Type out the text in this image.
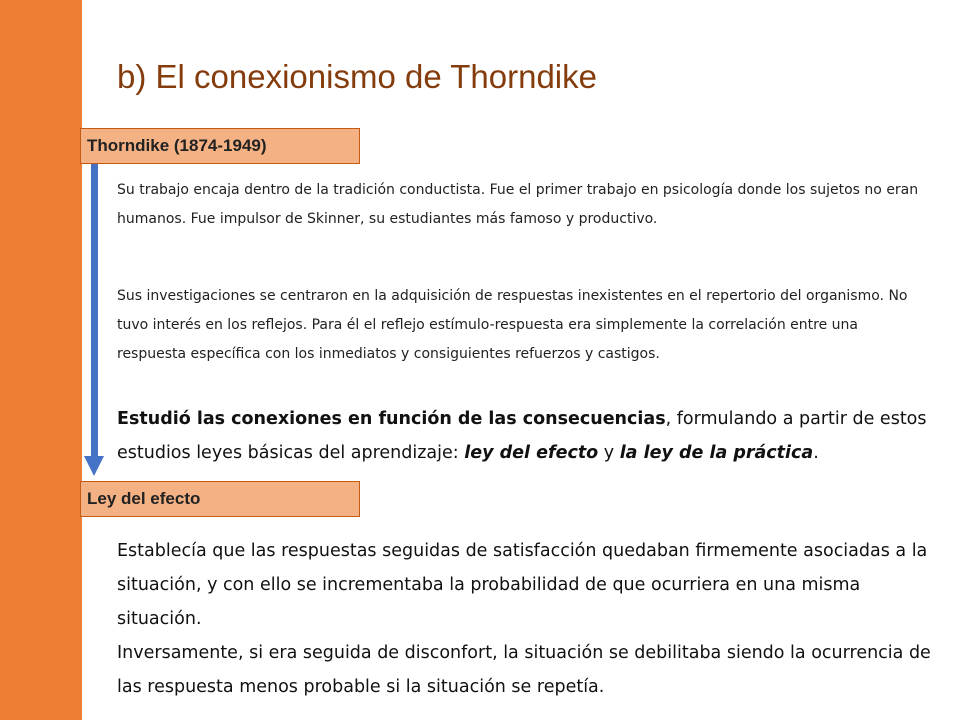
b) El conexionismo de Thorndike
Thorndike (1874-1949)
Su trabajo encaja dentro de la tradición conductista. Fue el primer trabajo en psicología donde los sujetos no eran humanos. Fue impulsor de Skinner, su estudiantes más famoso y productivo.
Sus investigaciones se centraron en la adquisición de respuestas inexistentes en el repertorio del organismo. No tuvo interés en los reflejos. Para él el reflejo estímulo-respuesta era simplemente la correlación entre una respuesta específica con los inmediatos y consiguientes refuerzos y castigos.
Estudió las conexiones en función de las consecuencias, formulando a partir de estos estudios leyes básicas del aprendizaje: ley del efecto y la ley de la práctica.
Ley del efecto
Establecía que las respuestas seguidas de satisfacción quedaban firmemente asociadas a la situación, y con ello se incrementaba la probabilidad de que ocurriera en una misma situación.
Inversamente, si era seguida de disconfort, la situación se debilitaba siendo la ocurrencia de las respuesta menos probable si la situación se repetía.
